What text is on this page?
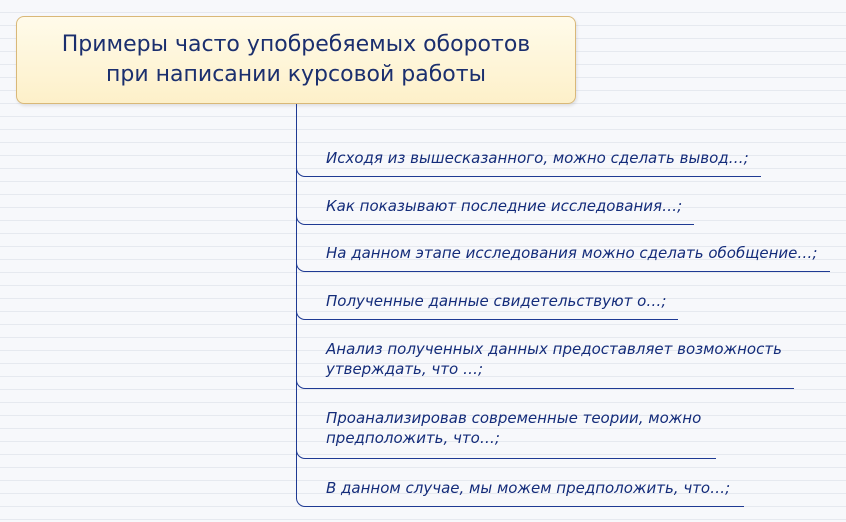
Примеры часто упобребяемых оборотов
при написании курсовой работы
Исходя из вышесказанного, можно сделать вывод…;
Как показывают последние исследования…;
На данном этапе исследования можно сделать обобщение…;
Полученные данные свидетельствуют о…;
Анализ полученных данных предоставляет возможность
утверждать, что …;
Проанализировав современные теории, можно
предположить, что…;
В данном случае, мы можем предположить, что…;
